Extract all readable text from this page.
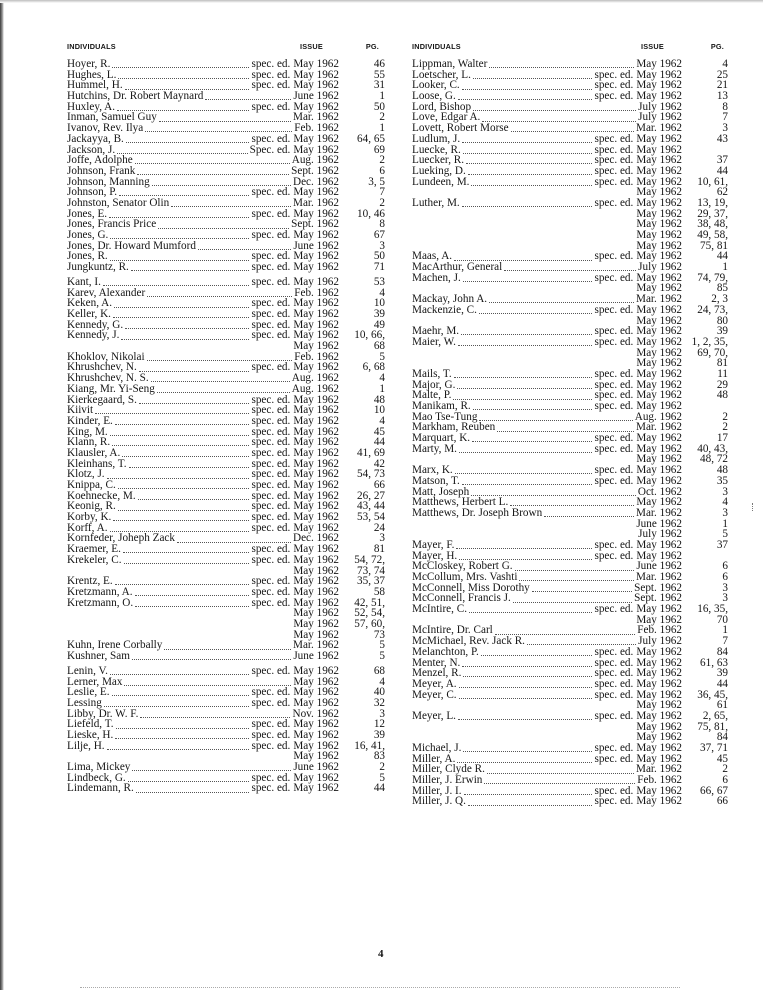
INDIVIDUALS	ISSUE	PG.
Hoyer, R.	spec. ed. May 1962	46
Hughes, L.	spec. ed. May 1962	55
Hummel, H.	spec. ed. May 1962	31
Hutchins, Dr. Robert Maynard	June 1962	1
Huxley, A.	spec. ed. May 1962	50
Inman, Samuel Guy	Mar. 1962	2
Ivanov, Rev. Ilya	Feb. 1962	1
Jackayya, B.	spec. ed. May 1962	64, 65
Jackson, J.	Spec. ed. May 1962	69
Joffe, Adolphe	Aug. 1962	2
Johnson, Frank	Sept. 1962	6
Johnson, Manning	Dec. 1962	3, 5
Johnson, P.	spec. ed. May 1962	7
Johnston, Senator Olin	Mar. 1962	2
Jones, E.	spec. ed. May 1962	10, 46
Jones, Francis Price	Sept. 1962	8
Jones, G.	spec. ed. May 1962	67
Jones, Dr. Howard Mumford	June 1962	3
Jones, R.	spec. ed. May 1962	50
Jungkuntz, R.	spec. ed. May 1962	71
Kant, I.	spec. ed. May 1962	53
Karev, Alexander	Feb. 1962	4
Keken, A.	spec. ed. May 1962	10
Keller, K.	spec. ed. May 1962	39
Kennedy, G.	spec. ed. May 1962	49
Kennedy, J.	spec. ed. May 1962	10, 66,
May 1962	68
Khoklov, Nikolai	Feb. 1962	5
Khrushchev, N.	spec. ed. May 1962	6, 68
Khrushchev, N. S.	Aug. 1962	4
Kiang, Mr. Yi-Seng	Aug. 1962	1
Kierkegaard, S.	spec. ed. May 1962	48
Kiivit	spec. ed. May 1962	10
Kinder, E.	spec. ed. May 1962	4
King, M.	spec. ed. May 1962	45
Klann, R.	spec. ed. May 1962	44
Klausler, A.	spec. ed. May 1962	41, 69
Kleinhans, T.	spec. ed. May 1962	42
Klotz, J.	spec. ed. May 1962	54, 73
Knippa, C.	spec. ed. May 1962	66
Koehnecke, M.	spec. ed. May 1962	26, 27
Keonig, R.	spec. ed. May 1962	43, 44
Korby, K.	spec. ed. May 1962	53, 54
Korff, A.	spec. ed. May 1962	24
Kornfeder, Joheph Zack	Dec. 1962	3
Kraemer, E.	spec. ed. May 1962	81
Krekeler, C.	spec. ed. May 1962	54, 72,
May 1962	73, 74
Krentz, E.	spec. ed. May 1962	35, 37
Kretzmann, A.	spec. ed. May 1962	58
Kretzmann, O.	spec. ed. May 1962	42, 51,
May 1962	52, 54,
May 1962	57, 60,
May 1962	73
Kuhn, Irene Corbally	Mar. 1962	5
Kushner, Sam	June 1962	5
Lenin, V.	spec. ed. May 1962	68
Lerner, Max	May 1962	4
Leslie, E.	spec. ed. May 1962	40
Lessing	spec. ed. May 1962	32
Libby, Dr. W. F.	Nov. 1962	3
Liefeld, T.	spec. ed. May 1962	12
Lieske, H.	spec. ed. May 1962	39
Lilje, H.	spec. ed. May 1962	16, 41,
May 1962	83
Lima, Mickey	June 1962	2
Lindbeck, G.	spec. ed. May 1962	5
Lindemann, R.	spec. ed. May 1962	44
INDIVIDUALS	ISSUE	PG.
Lippman, Walter	May 1962	4
Loetscher, L.	spec. ed. May 1962	25
Looker, C.	spec. ed. May 1962	21
Loose, G.	spec. ed. May 1962	13
Lord, Bishop	July 1962	8
Love, Edgar A.	July 1962	7
Lovett, Robert Morse	Mar. 1962	3
Ludlum, J.	spec. ed. May 1962	43
Luecke, R.	spec. ed. May 1962
Luecker, R.	spec. ed. May 1962	37
Lueking, D.	spec. ed. May 1962	44
Lundeen, M.	spec. ed. May 1962	10, 61,
May 1962	62
Luther, M.	spec. ed. May 1962	13, 19,
May 1962	29, 37,
May 1962	38, 48,
May 1962	49, 58,
May 1962	75, 81
Maas, A.	spec. ed. May 1962	44
MacArthur, General	July 1962	1
Machen, J.	spec. ed. May 1962	74, 79,
May 1962	85
Mackay, John A.	Mar. 1962	2, 3
Mackenzie, C.	spec. ed. May 1962	24, 73,
May 1962	80
Maehr, M.	spec. ed. May 1962	39
Maier, W.	spec. ed. May 1962 1, 2, 35,
May 1962	69, 70,
May 1962	81
Mails, T.	spec. ed. May 1962	11
Major, G.	spec. ed. May 1962	29
Malte, P.	spec. ed. May 1962	48
Manikam, R.	spec. ed. May 1962
Mao Tse-Tung	Aug. 1962	2
Markham, Reuben	Mar. 1962	2
Marquart, K.	spec. ed. May 1962	17
Marty, M.	spec. ed. May 1962	40, 43,
May 1962	48, 72
Marx, K.	spec. ed. May 1962	48
Matson, T.	spec. ed. May 1962	35
Matt, Joseph	Oct. 1962	3
Matthews, Herbert L.	May 1962	4
Matthews, Dr. Joseph Brown	Mar. 1962	3
June 1962	1
July 1962	5
Mayer, F.	spec. ed. May 1962	37
Mayer, H.	spec. ed. May 1962
McCloskey, Robert G.	June 1962	6
McCollum, Mrs. Vashti	Mar. 1962	6
McConnell, Miss Dorothy	Sept. 1962	3
McConnell, Francis J.	Sept. 1962	3
McIntire, C.	spec. ed. May 1962	16, 35,
May 1962	70
McIntire, Dr. Carl	Feb. 1962	1
McMichael, Rev. Jack R.	July 1962	7
Melanchton, P.	spec. ed. May 1962	84
Menter, N.	spec. ed. May 1962	61, 63
Menzel, R.	spec. ed. May 1962	39
Meyer, A.	spec. ed. May 1962	44
Meyer, C.	spec. ed. May 1962	36, 45,
May 1962	61
Meyer, L.	spec. ed. May 1962	2, 65,
May 1962	75, 81,
May 1962	84
Michael, J.	spec. ed. May 1962	37, 71
Miller, A.	spec. ed. May 1962	45
Miller, Clyde R.	Mar. 1962	2
Miller, J. Erwin	Feb. 1962	6
Miller, J. I.	spec. ed. May 1962	66, 67
Miller, J. Q.	spec. ed. May 1962	66
4
